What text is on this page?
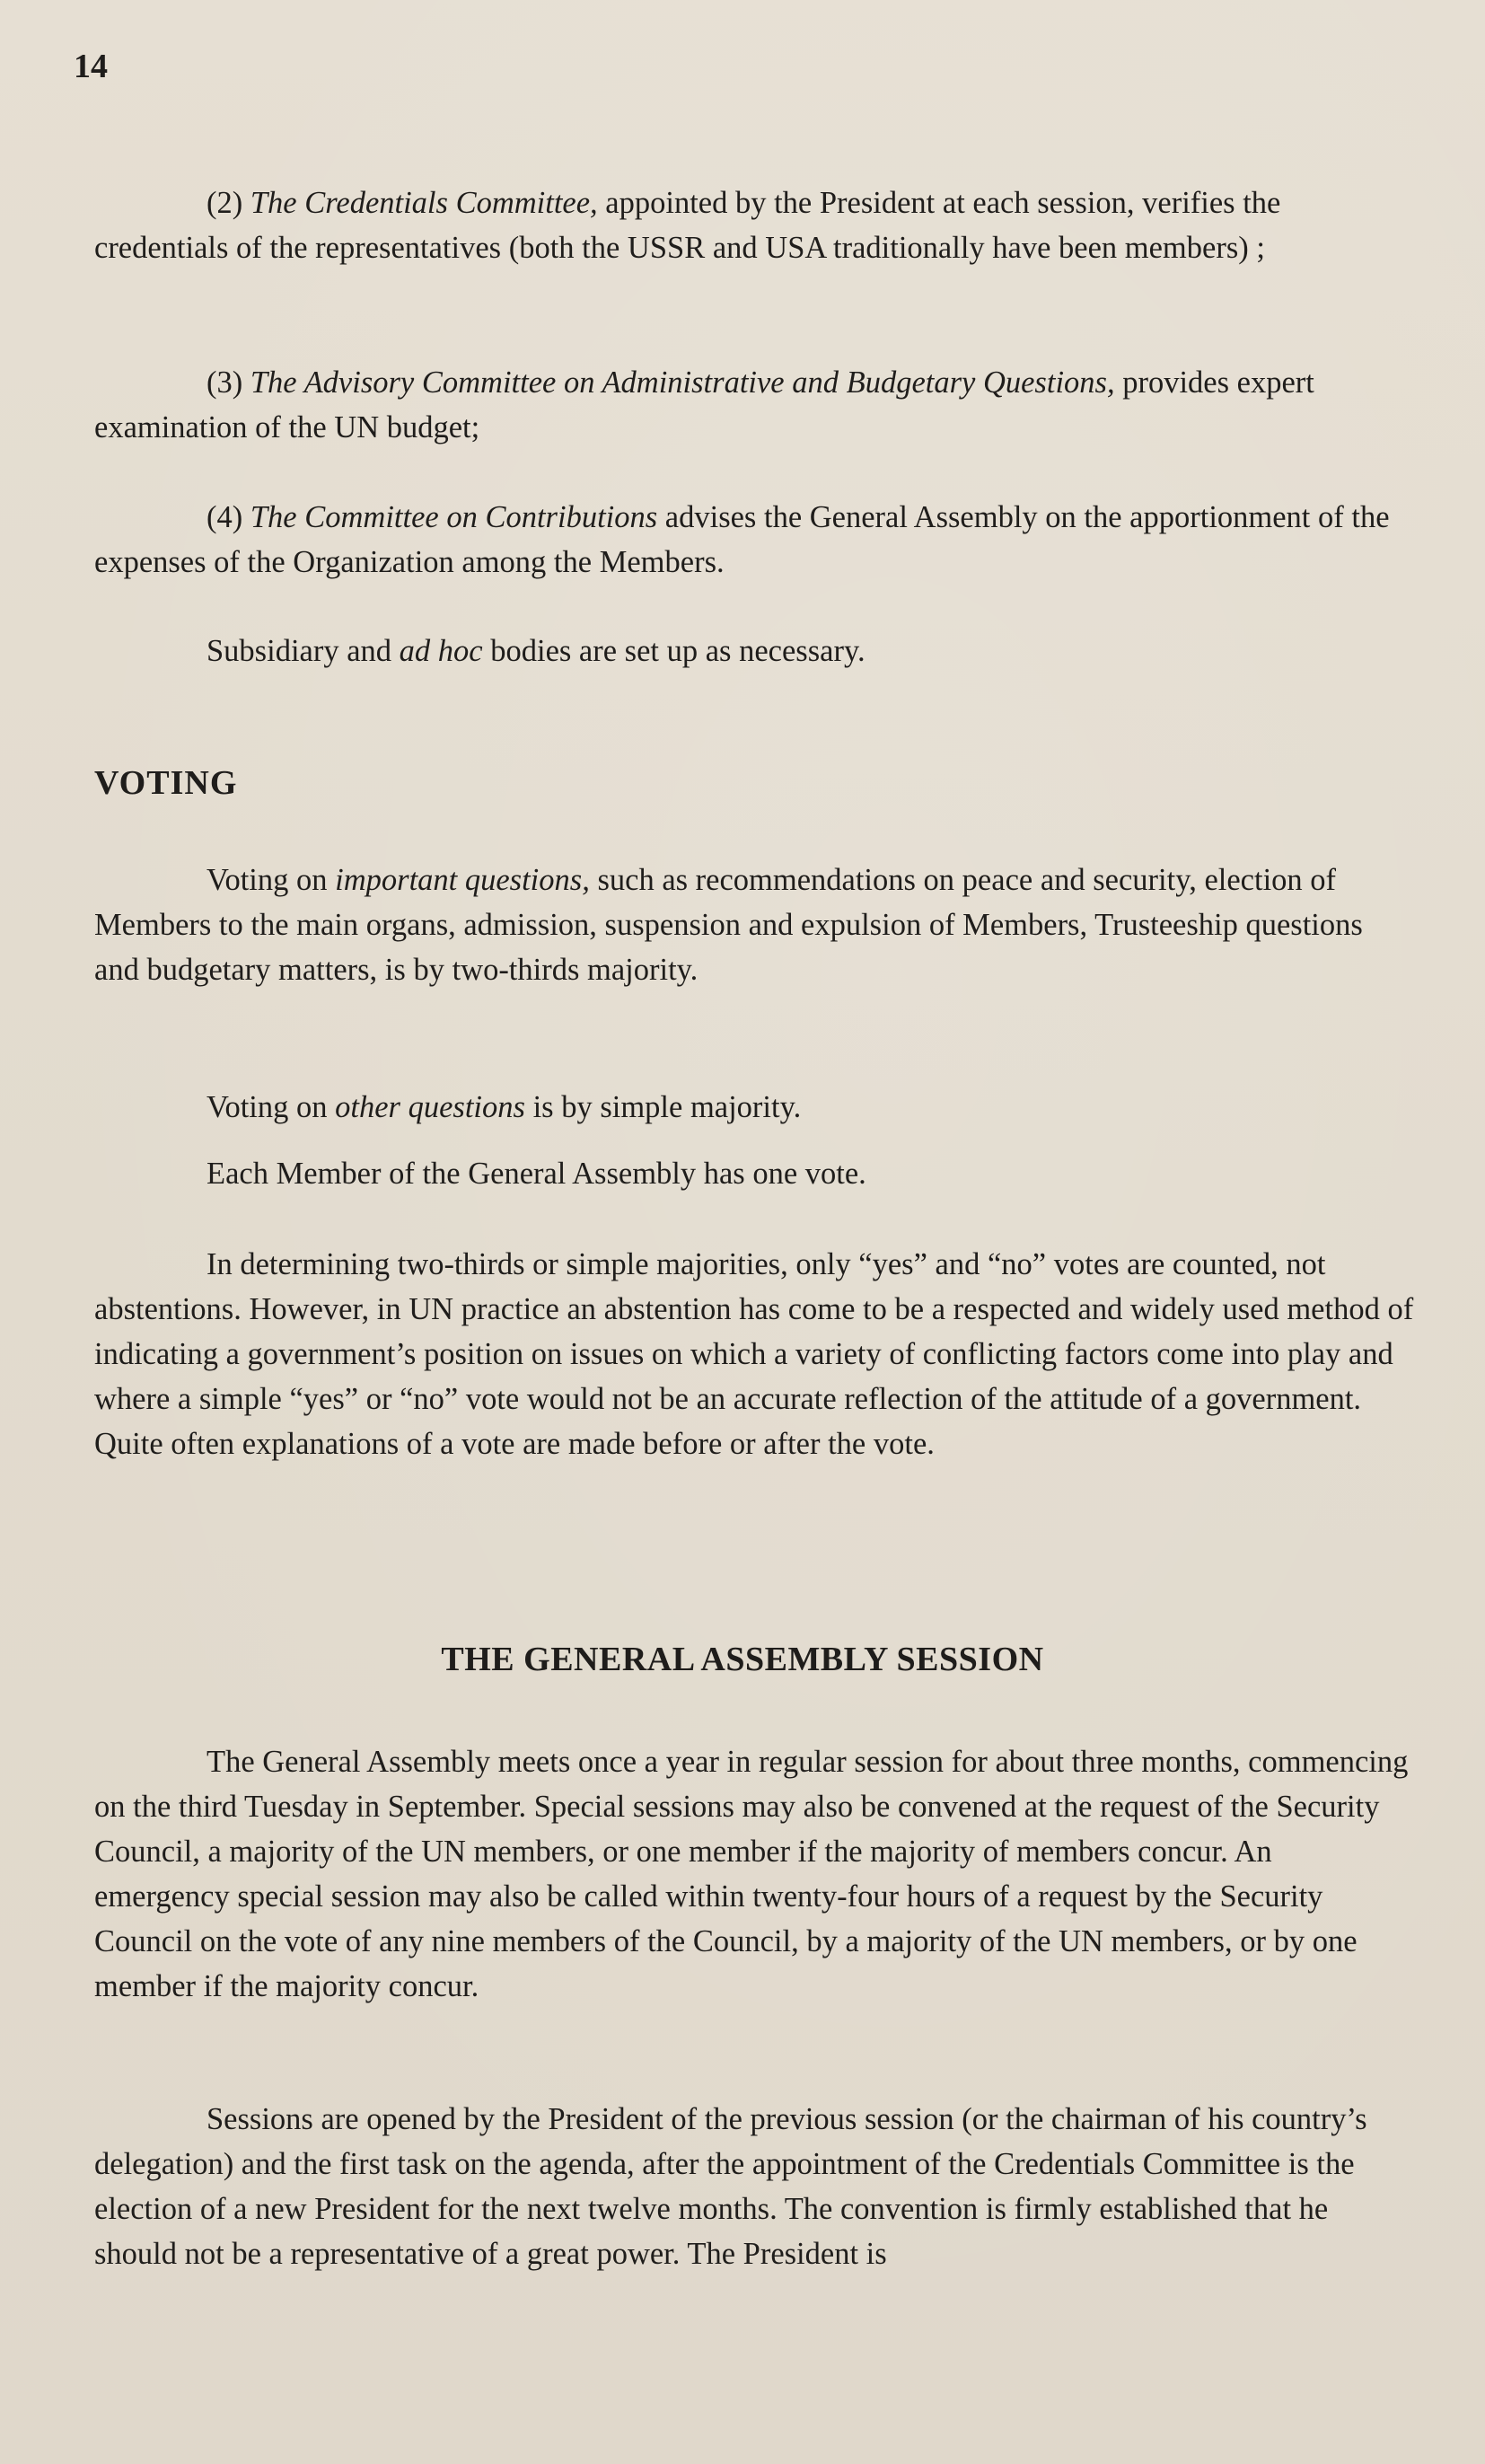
14

(2) The Credentials Committee, appointed by the President at each session, verifies the credentials of the representatives (both the USSR and USA traditionally have been members) ;

(3) The Advisory Committee on Administrative and Budgetary Questions, provides expert examination of the UN budget;

(4) The Committee on Contributions advises the General Assembly on the apportionment of the expenses of the Organization among the Members.

Subsidiary and ad hoc bodies are set up as necessary.

VOTING

Voting on important questions, such as recommendations on peace and security, election of Members to the main organs, admission, suspension and expulsion of Members, Trusteeship questions and budgetary matters, is by two-thirds majority.

Voting on other questions is by simple majority.

Each Member of the General Assembly has one vote.

In determining two-thirds or simple majorities, only “yes” and “no” votes are counted, not abstentions. However, in UN practice an abstention has come to be a respected and widely used method of indicating a government’s position on issues on which a variety of conflicting factors come into play and where a simple “yes” or “no” vote would not be an accurate reflection of the attitude of a government. Quite often explanations of a vote are made before or after the vote.

THE GENERAL ASSEMBLY SESSION

The General Assembly meets once a year in regular session for about three months, commencing on the third Tuesday in September. Special sessions may also be convened at the request of the Security Council, a majority of the UN members, or one member if the majority of members concur. An emergency special session may also be called within twenty-four hours of a request by the Security Council on the vote of any nine members of the Council, by a majority of the UN members, or by one member if the majority concur.

Sessions are opened by the President of the previous session (or the chairman of his country’s delegation) and the first task on the agenda, after the appointment of the Credentials Committee is the election of a new President for the next twelve months. The convention is firmly established that he should not be a representative of a great power. The President is
